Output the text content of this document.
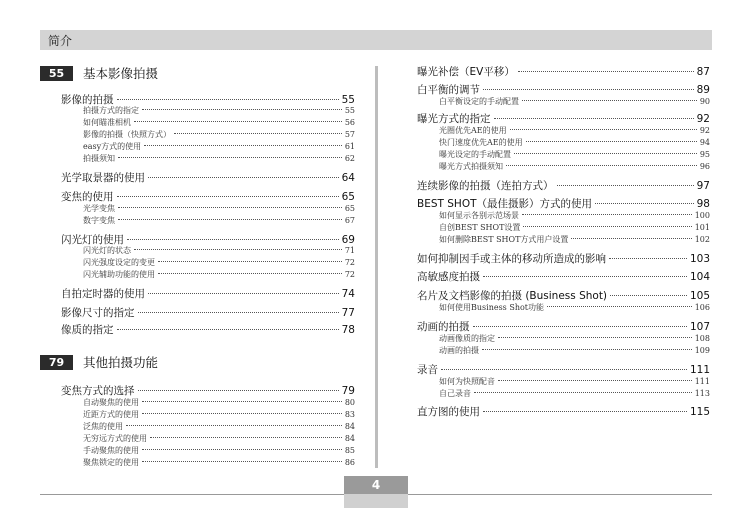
简介
55	基本影像拍摄
79	其他拍摄功能
影像的拍摄	55
拍摄方式的指定	55
如何瞄准相机	56
影像的拍摄（快照方式）	57
easy方式的使用	61
拍摄须知	62
光学取景器的使用	64
变焦的使用	65
光学变焦	65
数字变焦	67
闪光灯的使用	69
闪光灯的状态	71
闪光强度设定的变更	72
闪光辅助功能的使用	72
自拍定时器的使用	74
影像尺寸的指定	77
像质的指定	78
变焦方式的选择	79
自动聚焦的使用	80
近距方式的使用	83
泛焦的使用	84
无穷远方式的使用	84
手动聚焦的使用	85
聚焦锁定的使用	86
曝光补偿（EV平移）	87
白平衡的调节	89
白平衡设定的手动配置	90
曝光方式的指定	92
光圈优先AE的使用	92
快门速度优先AE的使用	94
曝光设定的手动配置	95
曝光方式拍摄须知	96
连续影像的拍摄（连拍方式）	97
BEST SHOT（最佳摄影）方式的使用	98
如何显示各别示范场景	100
自创BEST SHOT设置	101
如何删除BEST SHOT方式用户设置	102
如何抑制因手或主体的移动所造成的影响	103
高敏感度拍摄	104
名片及文档影像的拍摄 (Business Shot)	105
如何使用Business Shot功能	106
动画的拍摄	107
动画像质的指定	108
动画的拍摄	109
录音	111
如何为快照配音	111
自己录音	113
直方图的使用	115
4
